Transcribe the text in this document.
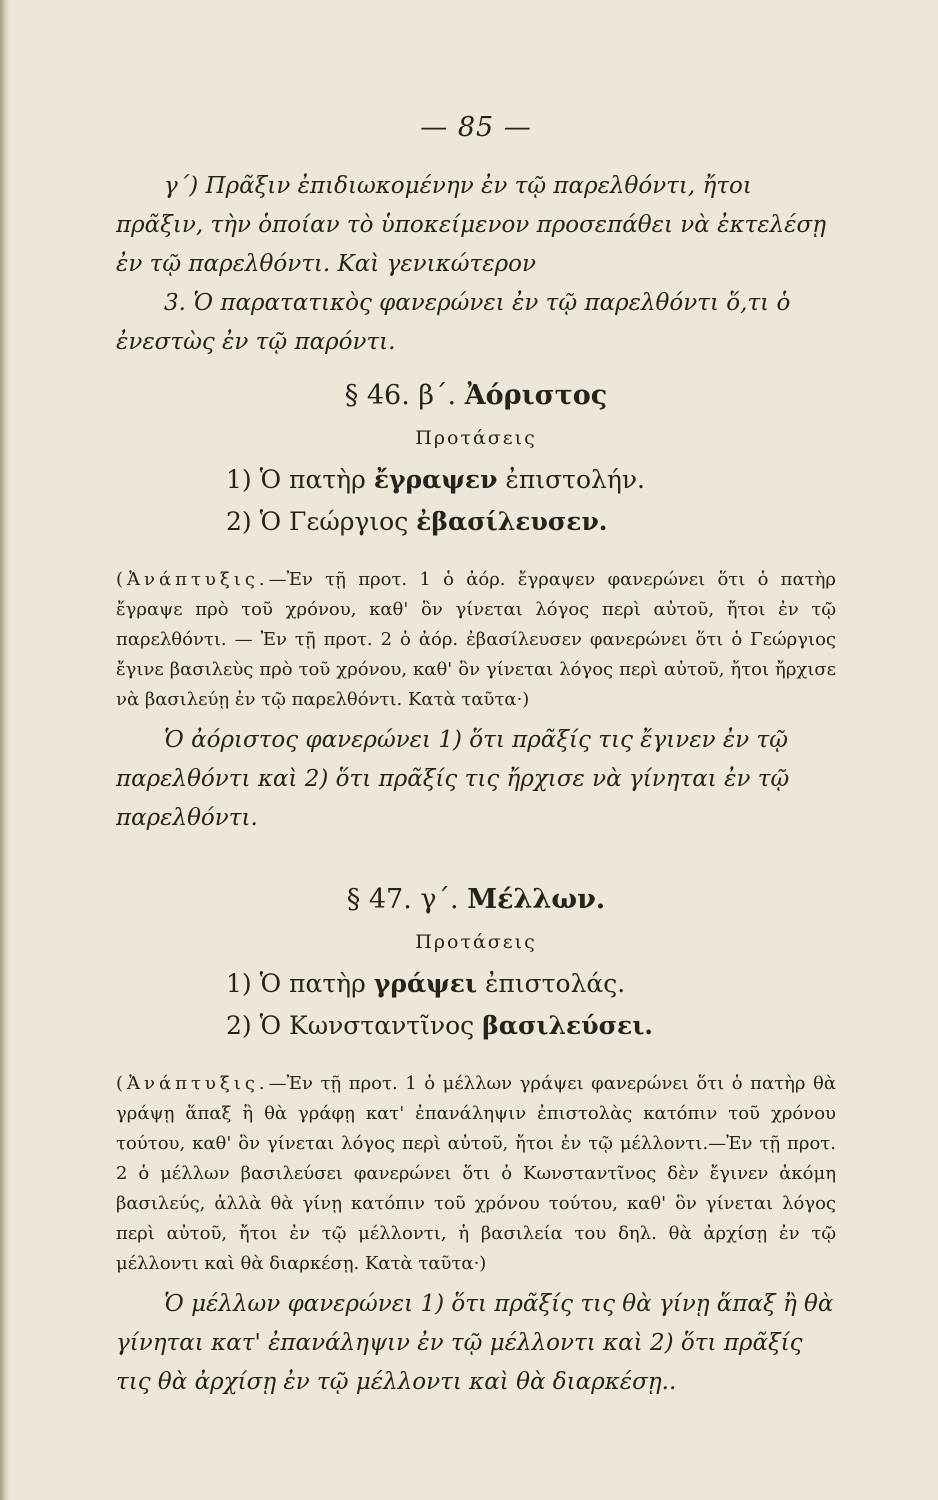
— 85 —

γ΄) Πρᾶξιν ἐπιδιωκομένην ἐν τῷ παρελθόντι, ἤτοι πρᾶξιν, τὴν ὁποίαν τὸ ὑποκείμενον προσεπάθει νὰ ἐκτελέσῃ ἐν τῷ παρελθόντι. Καὶ γενικώτερον

3. Ὁ παρατατικὸς φανερώνει ἐν τῷ παρελθόντι ὅ,τι ὁ ἐνεστὼς ἐν τῷ παρόντι.

§ 46. β΄. Ἀόριστος
Προτάσεις

1) Ὁ πατὴρ ἔγραψεν ἐπιστολήν.

2) Ὁ Γεώργιος ἐβασίλευσεν.

(Ἀνάπτυξις.—Ἐν τῇ προτ. 1 ὁ ἀόρ. ἔγραψεν φανερώνει ὅτι ὁ πατὴρ ἔγραψε πρὸ τοῦ χρόνου, καθ' ὃν γίνεται λόγος περὶ αὐτοῦ, ἤτοι ἐν τῷ παρελθόντι. — Ἐν τῇ προτ. 2 ὁ ἀόρ. ἐβασίλευσεν φανερώνει ὅτι ὁ Γεώργιος ἔγινε βασιλεὺς πρὸ τοῦ χρόνου, καθ' ὃν γίνεται λόγος περὶ αὐτοῦ, ἤτοι ἤρχισε νὰ βασιλεύῃ ἐν τῷ παρελθόντι. Κατὰ ταῦτα·)

Ὁ ἀόριστος φανερώνει 1) ὅτι πρᾶξίς τις ἔγινεν ἐν τῷ παρελθόντι καὶ 2) ὅτι πρᾶξίς τις ἤρχισε νὰ γίνηται ἐν τῷ παρελθόντι.

§ 47. γ΄. Μέλλων.
Προτάσεις

1) Ὁ πατὴρ γράψει ἐπιστολάς.

2) Ὁ Κωνσταντῖνος βασιλεύσει.

(Ἀνάπτυξις.—Ἐν τῇ προτ. 1 ὁ μέλλων γράψει φανερώνει ὅτι ὁ πατὴρ θὰ γράψῃ ἅπαξ ἢ θὰ γράφῃ κατ' ἐπανάληψιν ἐπιστολὰς κατόπιν τοῦ χρόνου τούτου, καθ' ὃν γίνεται λόγος περὶ αὐτοῦ, ἤτοι ἐν τῷ μέλλοντι.—Ἐν τῇ προτ. 2 ὁ μέλλων βασιλεύσει φανερώνει ὅτι ὁ Κωνσταντῖνος δὲν ἔγινεν ἀκόμη βασιλεύς, ἀλλὰ θὰ γίνῃ κατόπιν τοῦ χρόνου τούτου, καθ' ὃν γίνεται λόγος περὶ αὐτοῦ, ἤτοι ἐν τῷ μέλλοντι, ἡ βασιλεία του δηλ. θὰ ἀρχίσῃ ἐν τῷ μέλλοντι καὶ θὰ διαρκέσῃ. Κατὰ ταῦτα·)

Ὁ μέλλων φανερώνει 1) ὅτι πρᾶξίς τις θὰ γίνῃ ἅπαξ ἢ θὰ γίνηται κατ' ἐπανάληψιν ἐν τῷ μέλλοντι καὶ 2) ὅτι πρᾶξίς τις θὰ ἀρχίσῃ ἐν τῷ μέλλοντι καὶ θὰ διαρκέσῃ..
